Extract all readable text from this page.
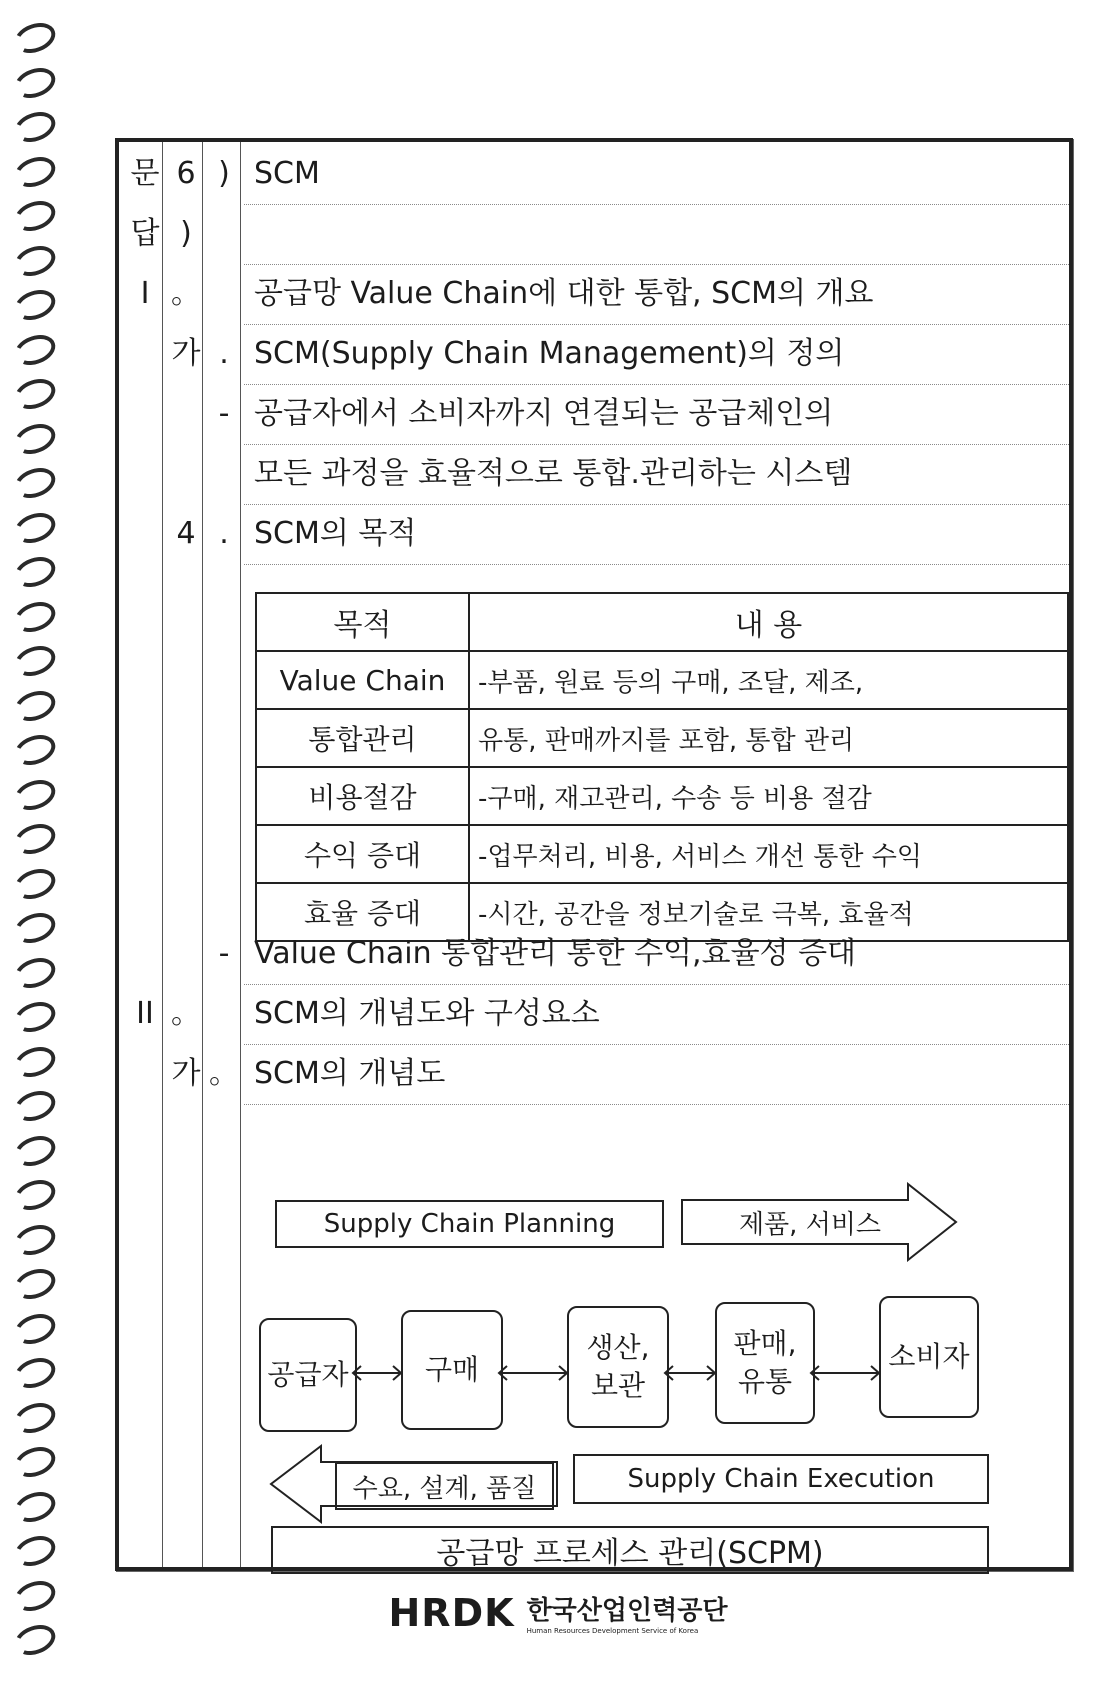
목적	내 용
Value Chain	-부품, 원료 등의 구매, 조달, 제조,
통합관리	유통, 판매까지를 포함, 통합 관리
비용절감	-구매, 재고관리, 수송 등 비용 절감
수익 증대	-업무처리, 비용, 서비스 개선 통한 수익
효율 증대	-시간, 공간을 정보기술로 극복, 효율적
Supply Chain Planning	제품, 서비스
공급자	구매
생산,
보관
판매,
유통
소비자
수요, 설계, 품질	Supply Chain Execution
공급망 프로세스 관리(SCPM)
문 6 ) SCM
답 )
I 。 공급망 Value Chain에 대한 통합, SCM의 개요
가 . SCM(Supply Chain Management)의 정의
- 공급자에서 소비자까지 연결되는 공급체인의
모든 과정을 효율적으로 통합.관리하는 시스템
4 . SCM의 목적
- Value Chain 통합관리 통한 수익,효율성 증대
II 。 SCM의 개념도와 구성요소
가 。 SCM의 개념도
HRDK 한국산업인력공단
Human Resources Development Service of Korea
